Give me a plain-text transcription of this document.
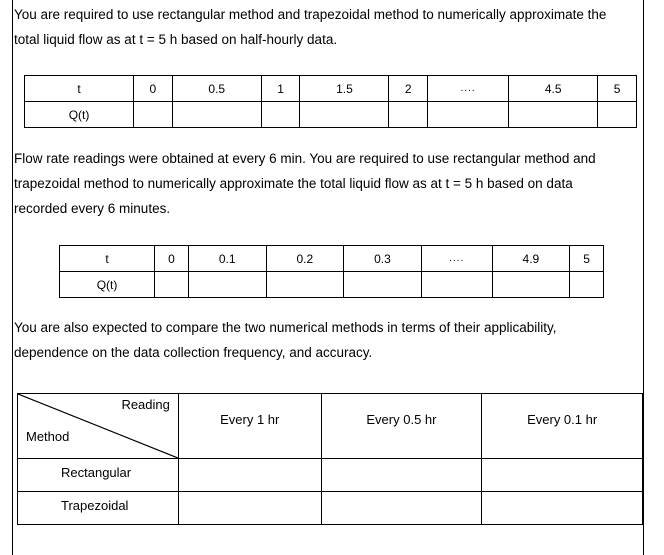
You are required to use rectangular method and trapezoidal method to numerically approximate the
total liquid flow as at t = 5 h based on half-hourly data.

t	0	0.5	1	1.5	2	....	4.5	5
Q(t)								

Flow rate readings were obtained at every 6 min. You are required to use rectangular method and
trapezoidal method to numerically approximate the total liquid flow as at t = 5 h based on data
recorded every 6 minutes.

t	0	0.1	0.2	0.3	....	4.9	5
Q(t)							

You are also expected to compare the two numerical methods in terms of their applicability,
dependence on the data collection frequency, and accuracy.

Reading
Method	Every 1 hr	Every 0.5 hr	Every 0.1 hr
Rectangular			
Trapezoidal			
